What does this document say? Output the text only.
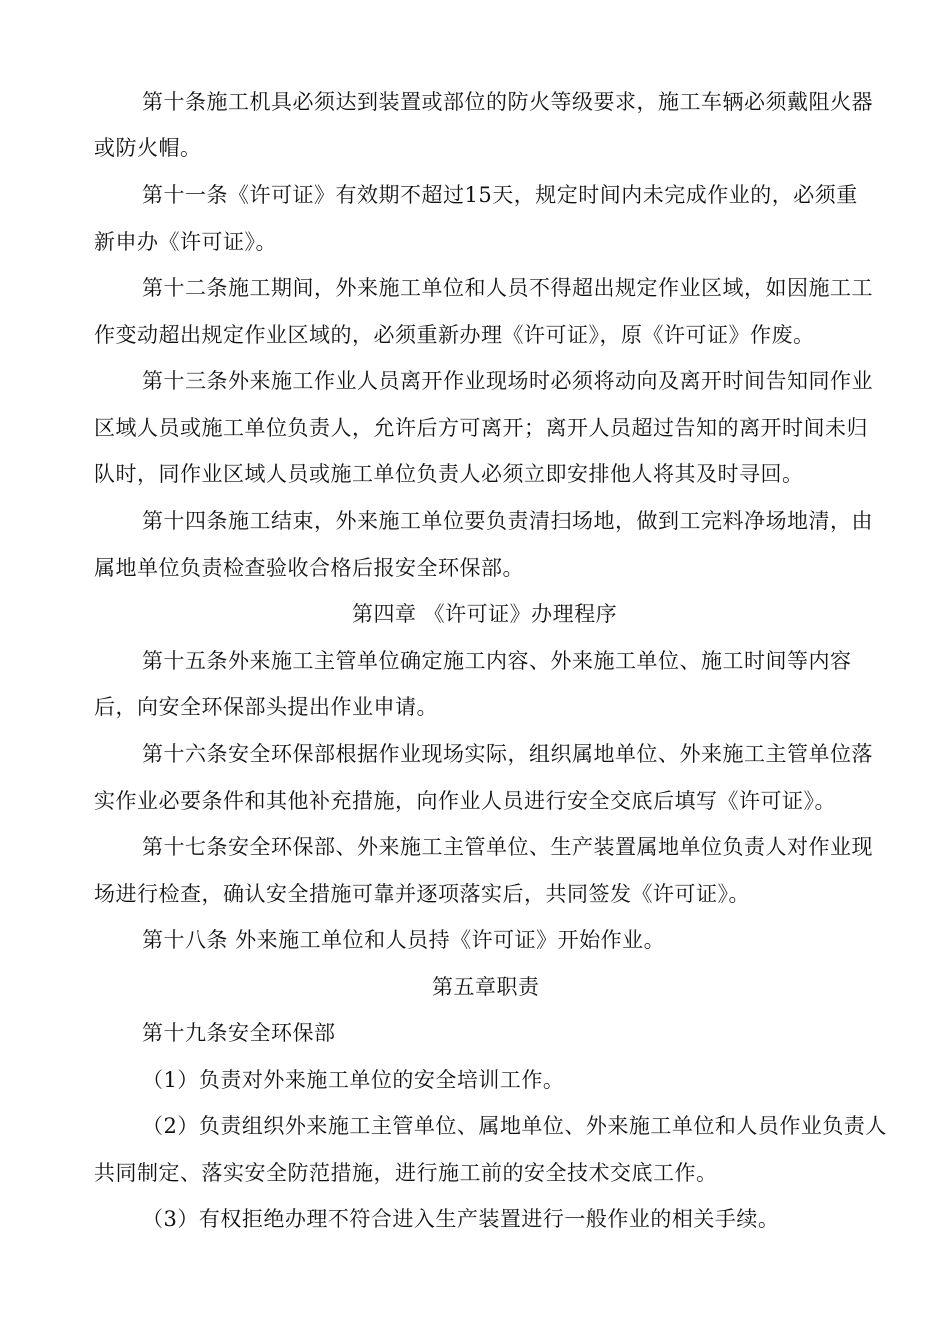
第十条施工机具必须达到装置或部位的防火等级要求，施工车辆必须戴阻火器
或防火帽。
第十一条《许可证》有效期不超过15天，规定时间内未完成作业的，必须重
新申办《许可证》。
第十二条施工期间，外来施工单位和人员不得超出规定作业区域，如因施工工
作变动超出规定作业区域的，必须重新办理《许可证》，原《许可证》作废。
第十三条外来施工作业人员离开作业现场时必须将动向及离开时间告知同作业
区域人员或施工单位负责人，允许后方可离开；离开人员超过告知的离开时间未归
队时，同作业区域人员或施工单位负责人必须立即安排他人将其及时寻回。
第十四条施工结束，外来施工单位要负责清扫场地，做到工完料净场地清，由
属地单位负责检查验收合格后报安全环保部。
第四章 《许可证》办理程序
第十五条外来施工主管单位确定施工内容、外来施工单位、施工时间等内容
后，向安全环保部头提出作业申请。
第十六条安全环保部根据作业现场实际，组织属地单位、外来施工主管单位落
实作业必要条件和其他补充措施，向作业人员进行安全交底后填写《许可证》。
第十七条安全环保部、外来施工主管单位、生产装置属地单位负责人对作业现
场进行检查，确认安全措施可靠并逐项落实后，共同签发《许可证》。
第十八条 外来施工单位和人员持《许可证》开始作业。
第五章职责
第十九条安全环保部
（1）负责对外来施工单位的安全培训工作。
（2）负责组织外来施工主管单位、属地单位、外来施工单位和人员作业负责人
共同制定、落实安全防范措施，进行施工前的安全技术交底工作。
（3）有权拒绝办理不符合进入生产装置进行一般作业的相关手续。
